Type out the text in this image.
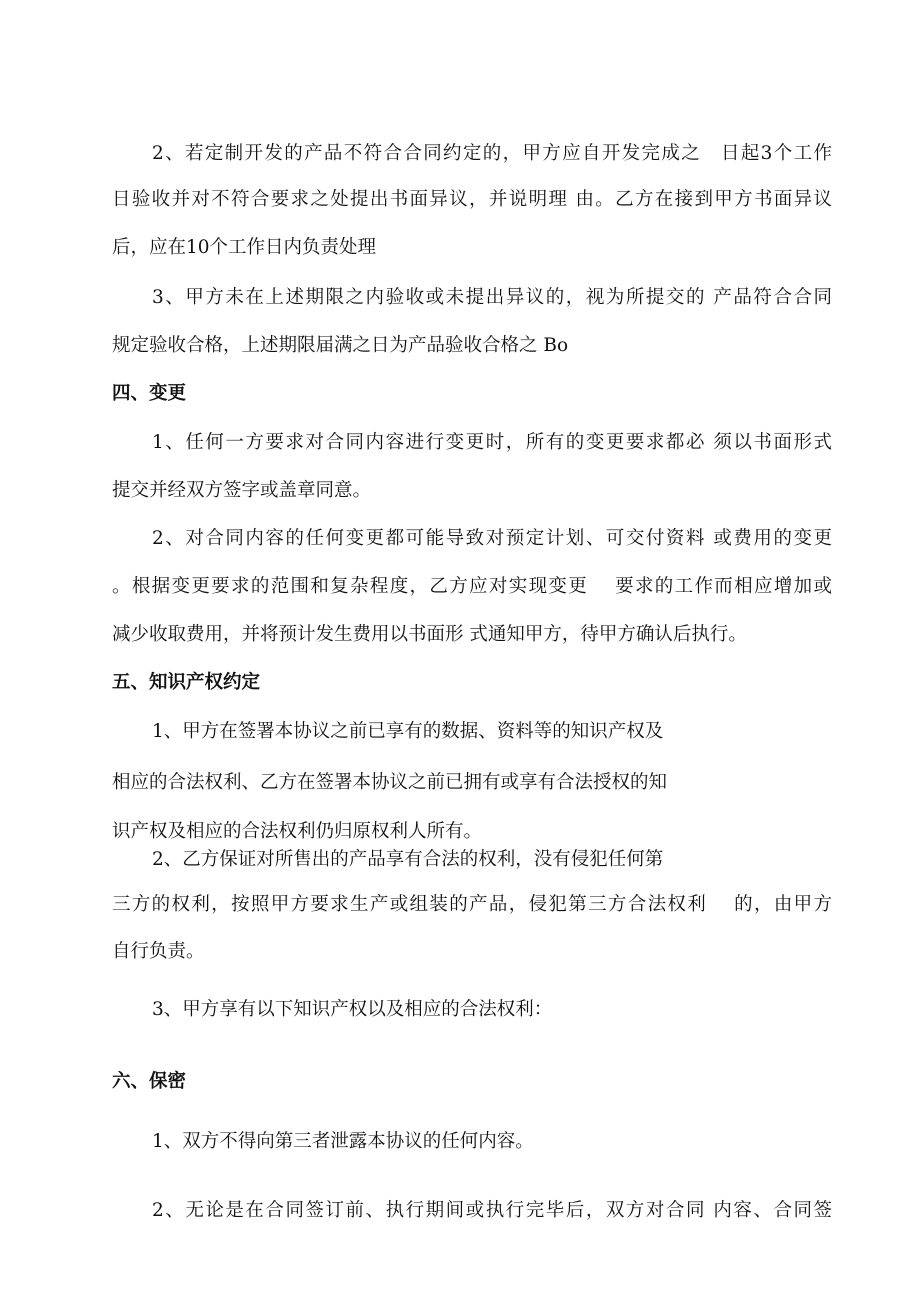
2、若定制开发的产品不符合合同约定的，甲方应自开发完成之　日起3个工作

日验收并对不符合要求之处提出书面异议，并说明理 由。乙方在接到甲方书面异议

后，应在10个工作日内负责处理

3、甲方未在上述期限之内验收或未提出异议的，视为所提交的 产品符合合同

规定验收合格，上述期限届满之日为产品验收合格之 Bo

四、变更

1、任何一方要求对合同内容进行变更时，所有的变更要求都必 须以书面形式

提交并经双方签字或盖章同意。

2、对合同内容的任何变更都可能导致对预定计划、可交付资料 或费用的变更

。根据变更要求的范围和复杂程度，乙方应对实现变更　 要求的工作而相应增加或

减少收取费用，并将预计发生费用以书面形 式通知甲方，待甲方确认后执行。

五、知识产权约定

1、甲方在签署本协议之前已享有的数据、资料等的知识产权及

相应的合法权利、乙方在签署本协议之前已拥有或享有合法授权的知

识产权及相应的合法权利仍归原权利人所有。

2、乙方保证对所售出的产品享有合法的权利，没有侵犯任何第

三方的权利，按照甲方要求生产或组装的产品，侵犯第三方合法权利　 的，由甲方

自行负责。

3、甲方享有以下知识产权以及相应的合法权利：

六、保密

1、双方不得向第三者泄露本协议的任何内容。

2、无论是在合同签订前、执行期间或执行完毕后，双方对合同 内容、合同签
